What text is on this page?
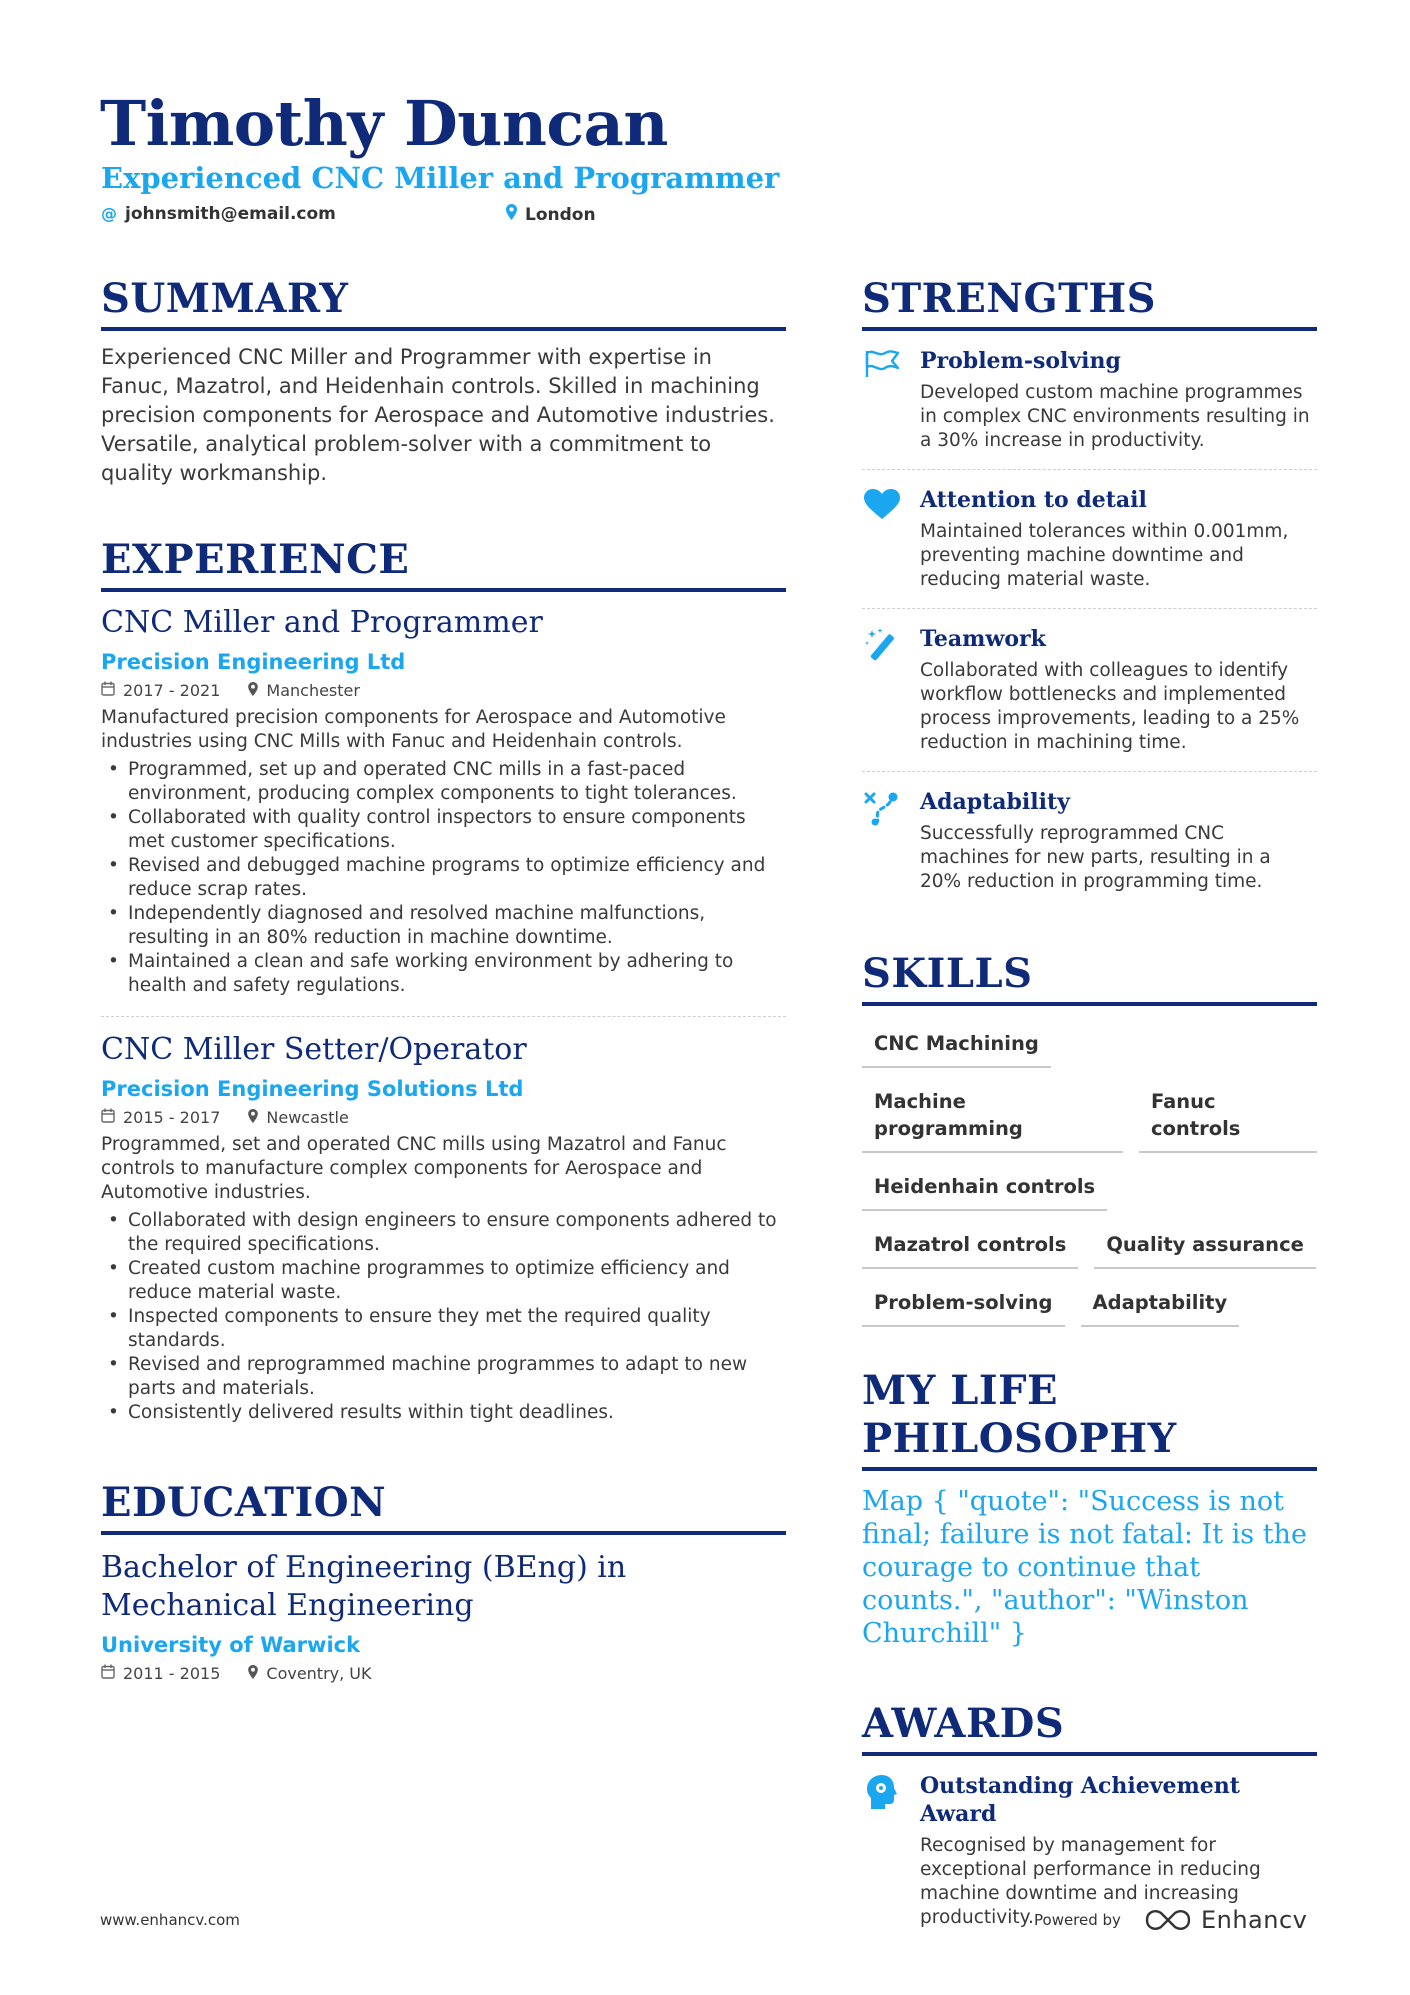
Timothy Duncan
Experienced CNC Miller and Programmer
@ johnsmith@email.com	London
SUMMARY
Experienced CNC Miller and Programmer with expertise in Fanuc, Mazatrol, and Heidenhain controls. Skilled in machining precision components for Aerospace and Automotive industries. Versatile, analytical problem-solver with a commitment to quality workmanship.
EXPERIENCE
CNC Miller and Programmer
Precision Engineering Ltd
2017 - 2021	Manchester
Manufactured precision components for Aerospace and Automotive industries using CNC Mills with Fanuc and Heidenhain controls.
• Programmed, set up and operated CNC mills in a fast-paced environment, producing complex components to tight tolerances.
• Collaborated with quality control inspectors to ensure components met customer specifications.
• Revised and debugged machine programs to optimize efficiency and reduce scrap rates.
• Independently diagnosed and resolved machine malfunctions, resulting in an 80% reduction in machine downtime.
• Maintained a clean and safe working environment by adhering to health and safety regulations.
CNC Miller Setter/Operator
Precision Engineering Solutions Ltd
2015 - 2017	Newcastle
Programmed, set and operated CNC mills using Mazatrol and Fanuc controls to manufacture complex components for Aerospace and Automotive industries.
• Collaborated with design engineers to ensure components adhered to the required specifications.
• Created custom machine programmes to optimize efficiency and reduce material waste.
• Inspected components to ensure they met the required quality standards.
• Revised and reprogrammed machine programmes to adapt to new parts and materials.
• Consistently delivered results within tight deadlines.
EDUCATION
Bachelor of Engineering (BEng) in Mechanical Engineering
University of Warwick
2011 - 2015	Coventry, UK
STRENGTHS
Problem-solving
Developed custom machine programmes in complex CNC environments resulting in a 30% increase in productivity.
Attention to detail
Maintained tolerances within 0.001mm, preventing machine downtime and reducing material waste.
Teamwork
Collaborated with colleagues to identify workflow bottlenecks and implemented process improvements, leading to a 25% reduction in machining time.
Adaptability
Successfully reprogrammed CNC machines for new parts, resulting in a 20% reduction in programming time.
SKILLS
CNC Machining
Machine programming
Fanuc controls
Heidenhain controls
Mazatrol controls	Quality assurance
Problem-solving	Adaptability
MY LIFE PHILOSOPHY
Map { "quote": "Success is not final; failure is not fatal: It is the courage to continue that counts.", "author": "Winston Churchill" }
AWARDS
Outstanding Achievement Award
Recognised by management for exceptional performance in reducing machine downtime and increasing productivity.
www.enhancv.com	Powered by	Enhancv
